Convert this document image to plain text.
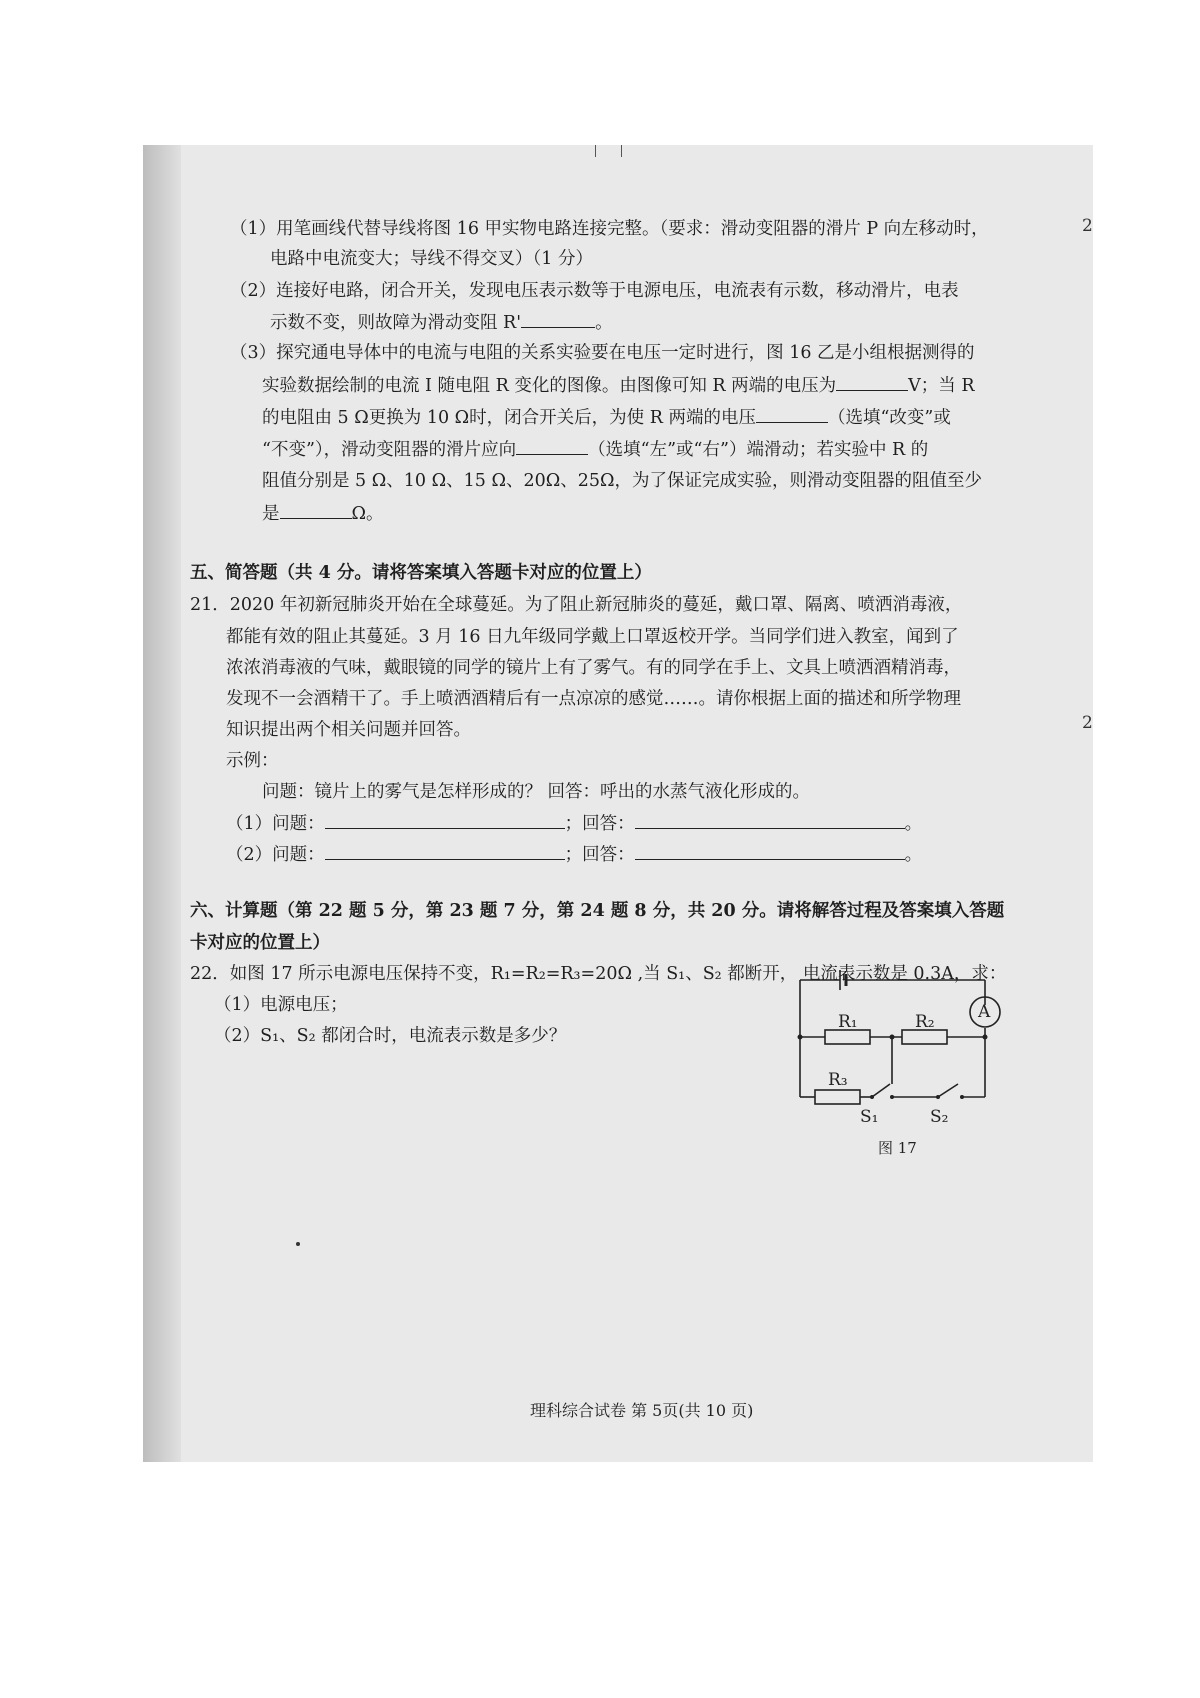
2
2
（1）用笔画线代替导线将图 16 甲实物电路连接完整。（要求：滑动变阻器的滑片 P 向左移动时，
电路中电流变大；导线不得交叉）（1 分）
（2）连接好电路，闭合开关，发现电压表示数等于电源电压，电流表有示数，移动滑片，电表
示数不变，则故障为滑动变阻 R'	。
（3）探究通电导体中的电流与电阻的关系实验要在电压一定时进行，图 16 乙是小组根据测得的
实验数据绘制的电流 I 随电阻 R 变化的图像。由图像可知 R 两端的电压为	V；当 R
的电阻由 5 Ω更换为 10 Ω时，闭合开关后，为使 R 两端的电压	（选填“改变”或
“不变”），滑动变阻器的滑片应向	（选填“左”或“右”）端滑动；若实验中 R 的
阻值分别是 5 Ω、10 Ω、15 Ω、20Ω、25Ω，为了保证完成实验，则滑动变阻器的阻值至少
是	Ω。
五、简答题（共 4 分。请将答案填入答题卡对应的位置上）
21．2020 年初新冠肺炎开始在全球蔓延。为了阻止新冠肺炎的蔓延，戴口罩、隔离、喷洒消毒液，
都能有效的阻止其蔓延。3 月 16 日九年级同学戴上口罩返校开学。当同学们进入教室，闻到了
浓浓消毒液的气味，戴眼镜的同学的镜片上有了雾气。有的同学在手上、文具上喷洒酒精消毒，
发现不一会酒精干了。手上喷洒酒精后有一点凉凉的感觉……。请你根据上面的描述和所学物理
知识提出两个相关问题并回答。
示例：
问题：镜片上的雾气是怎样形成的？ 回答：呼出的水蒸气液化形成的。
（1）问题：	；回答：	。
（2）问题：	；回答：	。
六、计算题（第 22 题 5 分，第 23 题 7 分，第 24 题 8 分，共 20 分。请将解答过程及答案填入答题
卡对应的位置上）
22．如图 17 所示电源电压保持不变，R₁=R₂=R₃=20Ω ,当 S₁、S₂ 都断开， 电流表示数是 0.3A，求：
（1）电源电压；
（2）S₁、S₂ 都闭合时，电流表示数是多少？
R₁	R₂
R₃
A
S₁	S₂
图 17
理科综合试卷 第 5页(共 10 页)
